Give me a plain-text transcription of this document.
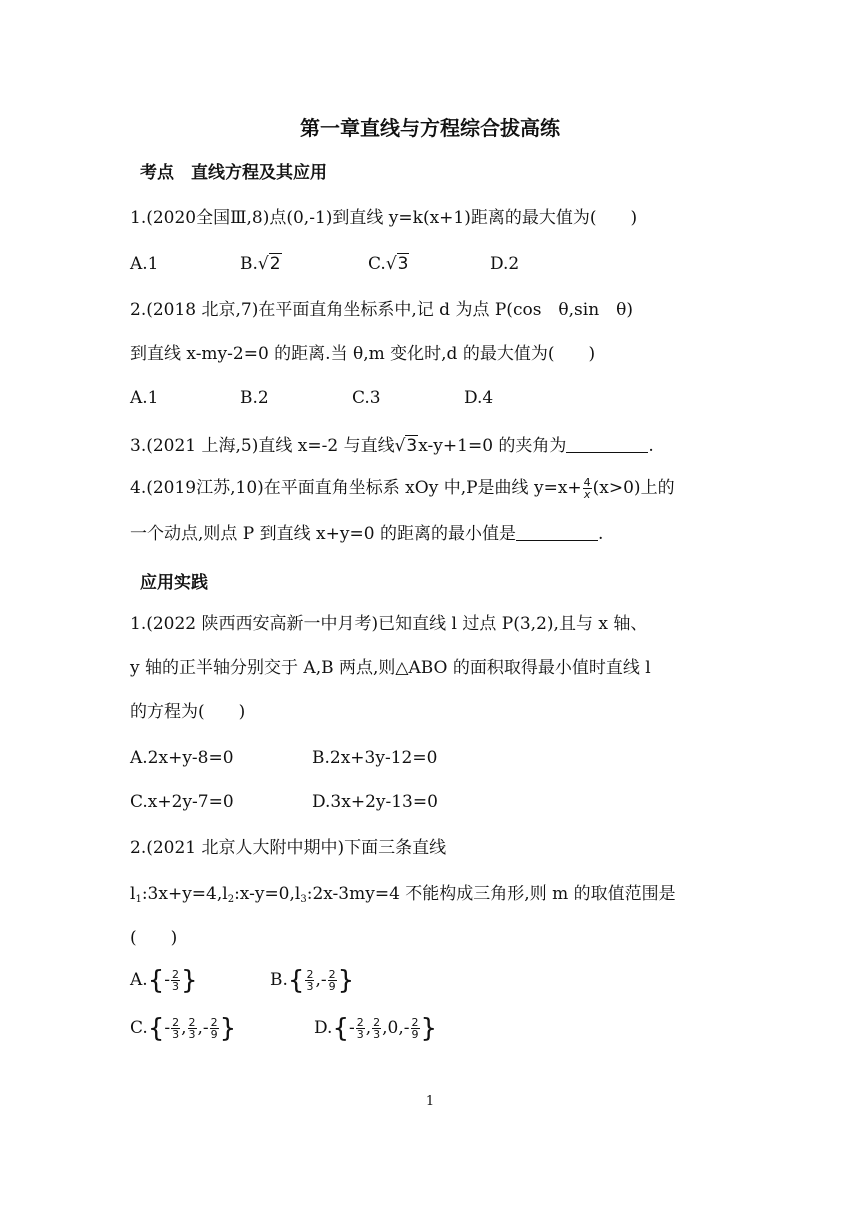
第一章直线与方程综合拔高练
考点　直线方程及其应用
1.(2020全国Ⅲ,8)点(0,-1)到直线 y=k(x+1)距离的最大值为(　　)
A.1	B.√2	C.√3	D.2
2.(2018 北京,7)在平面直角坐标系中,记 d 为点 P(cos　θ,sin　θ)
到直线 x-my-2=0 的距离.当 θ,m 变化时,d 的最大值为(　　)
A.1	B.2	C.3	D.4
3.(2021 上海,5)直线 x=-2 与直线√3x-y+1=0 的夹角为	.
4.(2019江苏,10)在平面直角坐标系 xOy 中,P是曲线 $y=x+ \frac{4}{x} (x>0)$上的
一个动点,则点 P 到直线 x+y=0 的距离的最小值是	.
应用实践
1.(2022 陕西西安高新一中月考)已知直线 l 过点 P(3,2),且与 x 轴、
y 轴的正半轴分别交于 A,B 两点,则△ABO 的面积取得最小值时直线 l
的方程为(　　)
A.2x+y-8=0	B.2x+3y-12=0
C.x+2y-7=0	D.3x+2y-13=0
2.(2021 北京人大附中期中)下面三条直线
$l_1:3x+y=4,l_2:x-y=0,l_3:2x-3my=4$ 不能构成三角形,则 m 的取值范围是
(　　)
$A.\{- \frac{2}{3}$ }	$B.\{ \frac{2}{3}$ ,- $\frac{2}{9}$ }
$C.\{- \frac{2}{3}$ , $\frac{2}{3}$ ,- $\frac{2}{9}$ }	$D.\{- \frac{2}{3}$ , $\frac{2}{3} ,0,- \frac{2}{9}$ }
1
